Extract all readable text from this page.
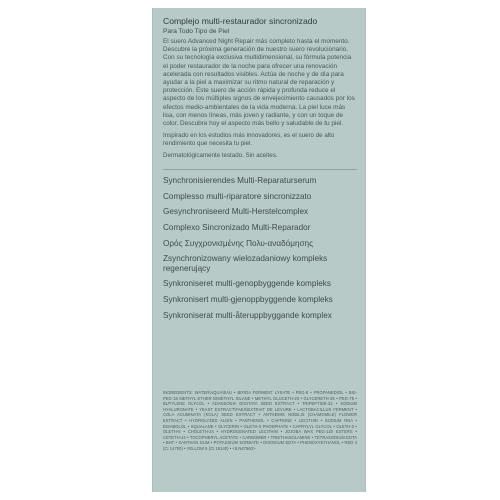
Complejo multi-restaurador sincronizado
Para Todo Tipo de Piel
El suero Advanced Night Repair más completo hasta el momento. Descubre la próxima generación de nuestro suero revolucionario. Con su tecnología exclusiva multidimensional, su fórmula potencia el poder restaurador de la noche para ofrecer una renovación acelerada con resultados visibles. Actúa de noche y de día para ayudar a la piel a maximizar su ritmo natural de reparación y protección. Este suero de acción rápida y profunda reduce el aspecto de los múltiples signos de envejecimiento causados por los efectos medio-ambientales de la vida moderna. La piel luce más lisa, con menos líneas, más joven y radiante, y con un toque de color. Descubre hoy el aspecto más bello y saludable de tu piel.
Inspirado en los estudios más innovadores, es el suero de alto rendimiento que necesita tu piel.
Dermatológicamente testado. Sin aceites.
Synchronisierendes Multi-Reparaturserum
Complesso multi-riparatore sincronizzato
Gesynchroniseerd Multi-Herstelcomplex
Complexo Sincronizado Multi-Reparador
Ορός Συγχρονισμένης Πολυ-αναδόμησης
Zsynchronizowany wielozadaniowy kompleks regenerujący
Synkroniseret multi-genopbyggende kompleks
Synkronisert multi-gjenoppbyggende kompleks
Synkroniserat multi-återuppbyggande komplex
INGREDIENTS: WATER\AQUA\EAU • BIFIDA FERMENT LYSATE • PEG-8 • PROPANEDIOL • BIS-PEG-18 METHYL ETHER DIMETHYL SILANE • METHYL GLUCETH-20 • GLYCERETH-26 • PEG-75 • BUTYLENE GLYCOL • ADANSONIA DIGITATA SEED EXTRACT • TRIPEPTIDE-32 • SODIUM HYALURONATE • YEAST EXTRACT\FAEX\EXTRAIT DE LEVURE • LACTOBACILLUS FERMENT • COLA ACUMINATA (KOLA) SEED EXTRACT • ANTHEMIS NOBILIS (CHAMOMILE) FLOWER EXTRACT • HYDROLYZED ALGIN • PANTHENOL • CAFFEINE • LECITHIN • SODIUM RNA • BISABOLOL • SQUALANE • GLYCERIN • OLETH-3 PHOSPHATE • CAPRYLYL GLYCOL • OLETH-3 • OLETH-5 • CHOLETH-24 • HYDROGENATED LECITHIN • JOJOBA WAX PEG-120 ESTERS • CETETH-24 • TOCOPHERYL ACETATE • CARBOMER • TRIETHANOLAMINE • TETRASODIUM EDTA • BHT • XANTHAN GUM • POTASSIUM SORBATE • DISODIUM EDTA • PHENOXYETHANOL • RED 4 (CI 14700) • YELLOW 5 (CI 19140) • <ILN47560>
